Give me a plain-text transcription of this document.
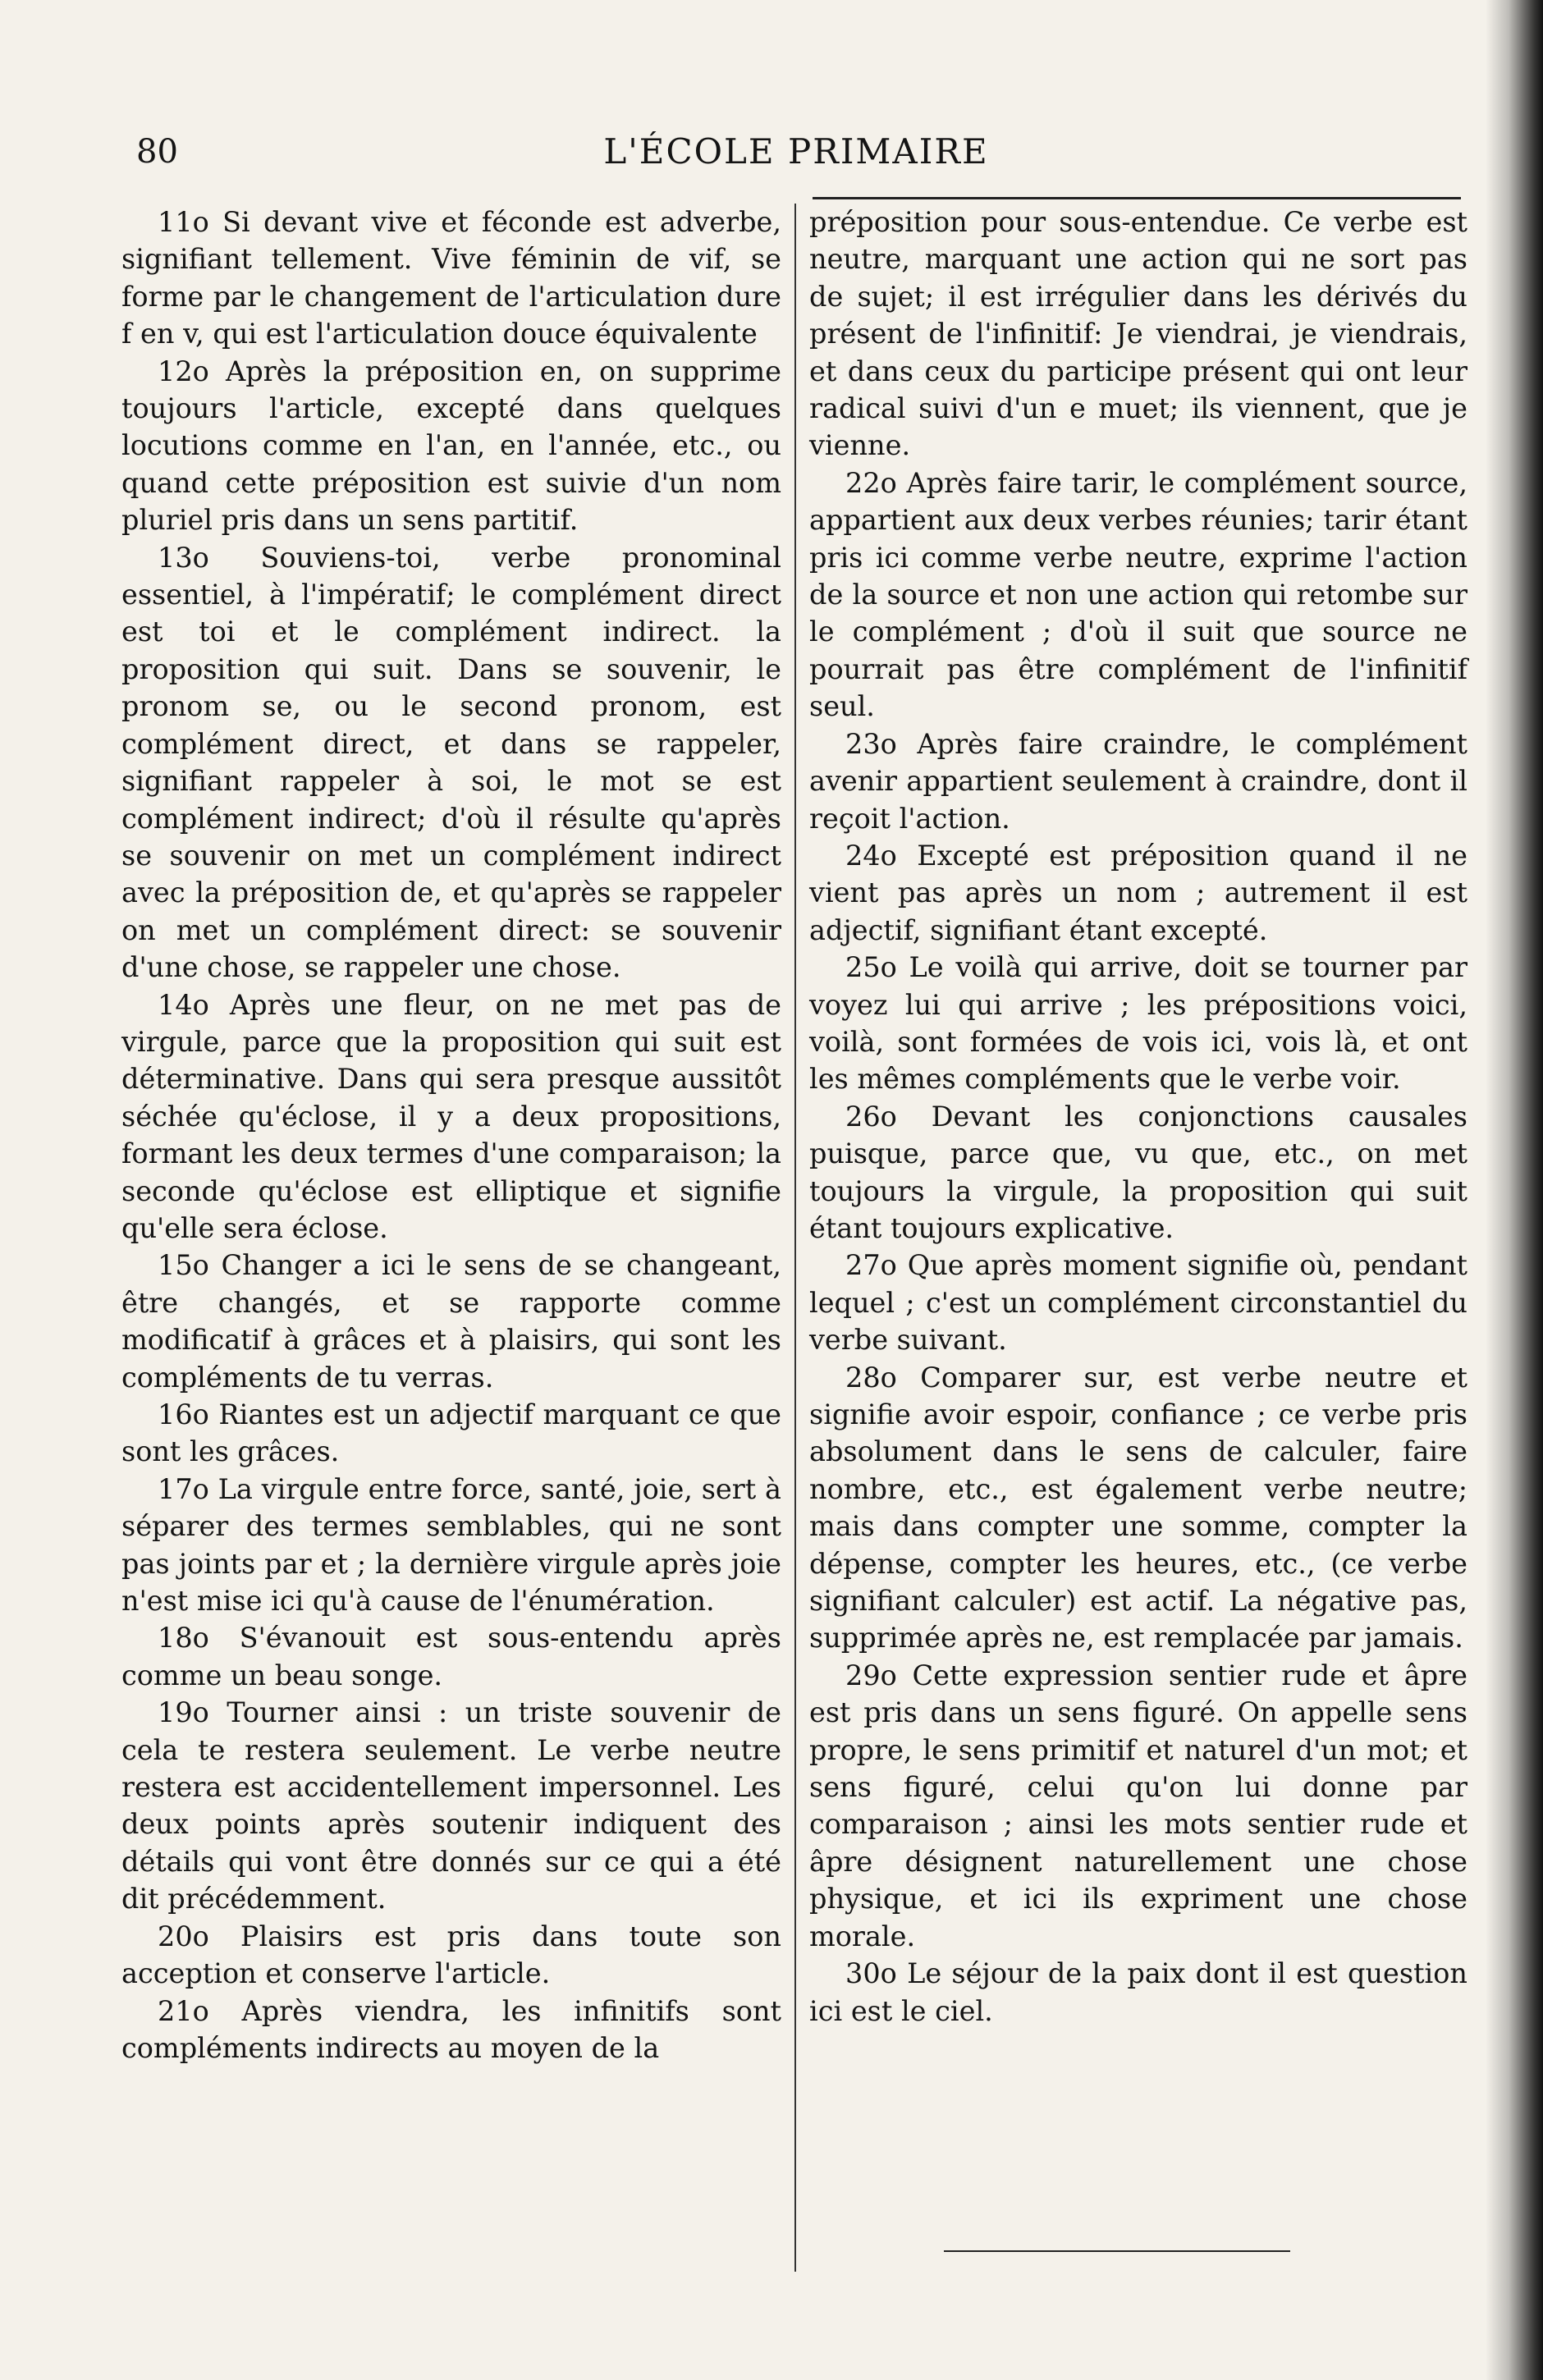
80	L'ÉCOLE PRIMAIRE

11o Si devant vive et féconde est adverbe, signifiant tellement. Vive féminin de vif, se forme par le changement de l'articulation dure f en v, qui est l'articulation douce équivalente

12o Après la préposition en, on supprime toujours l'article, excepté dans quelques locutions comme en l'an, en l'année, etc., ou quand cette préposition est suivie d'un nom pluriel pris dans un sens partitif.

13o Souviens-toi, verbe pronominal essentiel, à l'impératif; le complément direct est toi et le complément indirect. la proposition qui suit. Dans se souvenir, le pronom se, ou le second pronom, est complément direct, et dans se rappeler, signifiant rappeler à soi, le mot se est complément indirect; d'où il résulte qu'après se souvenir on met un complément indirect avec la préposition de, et qu'après se rappeler on met un complément direct: se souvenir d'une chose, se rappeler une chose.

14o Après une fleur, on ne met pas de virgule, parce que la proposition qui suit est déterminative. Dans qui sera presque aussitôt séchée qu'éclose, il y a deux propositions, formant les deux termes d'une comparaison; la seconde qu'éclose est elliptique et signifie qu'elle sera éclose.

15o Changer a ici le sens de se changeant, être changés, et se rapporte comme modificatif à grâces et à plaisirs, qui sont les compléments de tu verras.

16o Riantes est un adjectif marquant ce que sont les grâces.

17o La virgule entre force, santé, joie, sert à séparer des termes semblables, qui ne sont pas joints par et ; la dernière virgule après joie n'est mise ici qu'à cause de l'énumération.

18o S'évanouit est sous-entendu après comme un beau songe.

19o Tourner ainsi : un triste souvenir de cela te restera seulement. Le verbe neutre restera est accidentellement impersonnel. Les deux points après soutenir indiquent des détails qui vont être donnés sur ce qui a été dit précédemment.

20o Plaisirs est pris dans toute son acception et conserve l'article.

21o Après viendra, les infinitifs sont compléments indirects au moyen de la

préposition pour sous-entendue. Ce verbe est neutre, marquant une action qui ne sort pas de sujet; il est irrégulier dans les dérivés du présent de l'infinitif: Je viendrai, je viendrais, et dans ceux du participe présent qui ont leur radical suivi d'un e muet; ils viennent, que je vienne.

22o Après faire tarir, le complément source, appartient aux deux verbes réunies; tarir étant pris ici comme verbe neutre, exprime l'action de la source et non une action qui retombe sur le complément ; d'où il suit que source ne pourrait pas être complément de l'infinitif seul.

23o Après faire craindre, le complément avenir appartient seulement à craindre, dont il reçoit l'action.

24o Excepté est préposition quand il ne vient pas après un nom ; autrement il est adjectif, signifiant étant excepté.

25o Le voilà qui arrive, doit se tourner par voyez lui qui arrive ; les prépositions voici, voilà, sont formées de vois ici, vois là, et ont les mêmes compléments que le verbe voir.

26o Devant les conjonctions causales puisque, parce que, vu que, etc., on met toujours la virgule, la proposition qui suit étant toujours explicative.

27o Que après moment signifie où, pendant lequel ; c'est un complément circonstantiel du verbe suivant.

28o Comparer sur, est verbe neutre et signifie avoir espoir, confiance ; ce verbe pris absolument dans le sens de calculer, faire nombre, etc., est également verbe neutre; mais dans compter une somme, compter la dépense, compter les heures, etc., (ce verbe signifiant calculer) est actif. La négative pas, supprimée après ne, est remplacée par jamais.

29o Cette expression sentier rude et âpre est pris dans un sens figuré. On appelle sens propre, le sens primitif et naturel d'un mot; et sens figuré, celui qu'on lui donne par comparaison ; ainsi les mots sentier rude et âpre désignent naturellement une chose physique, et ici ils expriment une chose morale.

30o Le séjour de la paix dont il est question ici est le ciel.
